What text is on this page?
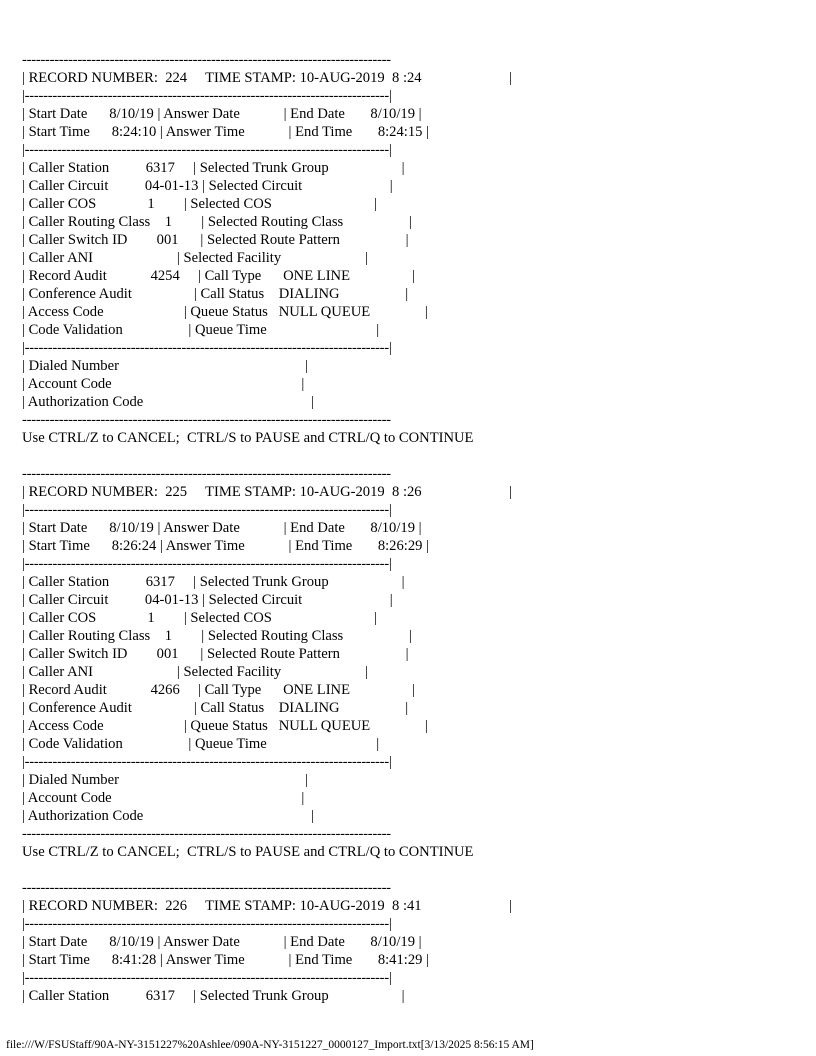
--------------------------------------------------------------------------------
| RECORD NUMBER:  224     TIME STAMP: 10-AUG-2019  8 :24                        |
|-------------------------------------------------------------------------------|
| Start Date      8/10/19 | Answer Date            | End Date       8/10/19 |
| Start Time      8:24:10 | Answer Time            | End Time       8:24:15 |
|-------------------------------------------------------------------------------|
| Caller Station          6317     | Selected Trunk Group                    |
| Caller Circuit          04-01-13 | Selected Circuit                        |
| Caller COS              1        | Selected COS                            |
| Caller Routing Class    1        | Selected Routing Class                  |
| Caller Switch ID        001      | Selected Route Pattern                  |
| Caller ANI                       | Selected Facility                       |
| Record Audit            4254     | Call Type      ONE LINE                 |
| Conference Audit                 | Call Status    DIALING                  |
| Access Code                      | Queue Status   NULL QUEUE               |
| Code Validation                  | Queue Time                              |
|-------------------------------------------------------------------------------|
| Dialed Number                                                   |
| Account Code                                                    |
| Authorization Code                                              |
--------------------------------------------------------------------------------
Use CTRL/Z to CANCEL;  CTRL/S to PAUSE and CTRL/Q to CONTINUE
--------------------------------------------------------------------------------
| RECORD NUMBER:  225     TIME STAMP: 10-AUG-2019  8 :26                        |
|-------------------------------------------------------------------------------|
| Start Date      8/10/19 | Answer Date            | End Date       8/10/19 |
| Start Time      8:26:24 | Answer Time            | End Time       8:26:29 |
|-------------------------------------------------------------------------------|
| Caller Station          6317     | Selected Trunk Group                    |
| Caller Circuit          04-01-13 | Selected Circuit                        |
| Caller COS              1        | Selected COS                            |
| Caller Routing Class    1        | Selected Routing Class                  |
| Caller Switch ID        001      | Selected Route Pattern                  |
| Caller ANI                       | Selected Facility                       |
| Record Audit            4266     | Call Type      ONE LINE                 |
| Conference Audit                 | Call Status    DIALING                  |
| Access Code                      | Queue Status   NULL QUEUE               |
| Code Validation                  | Queue Time                              |
|-------------------------------------------------------------------------------|
| Dialed Number                                                   |
| Account Code                                                    |
| Authorization Code                                              |
--------------------------------------------------------------------------------
Use CTRL/Z to CANCEL;  CTRL/S to PAUSE and CTRL/Q to CONTINUE
--------------------------------------------------------------------------------
| RECORD NUMBER:  226     TIME STAMP: 10-AUG-2019  8 :41                        |
|-------------------------------------------------------------------------------|
| Start Date      8/10/19 | Answer Date            | End Date       8/10/19 |
| Start Time      8:41:28 | Answer Time            | End Time       8:41:29 |
|-------------------------------------------------------------------------------|
| Caller Station          6317     | Selected Trunk Group                    |
file:///W/FSUStaff/90A-NY-3151227%20Ashlee/090A-NY-3151227_0000127_Import.txt[3/13/2025 8:56:15 AM]
